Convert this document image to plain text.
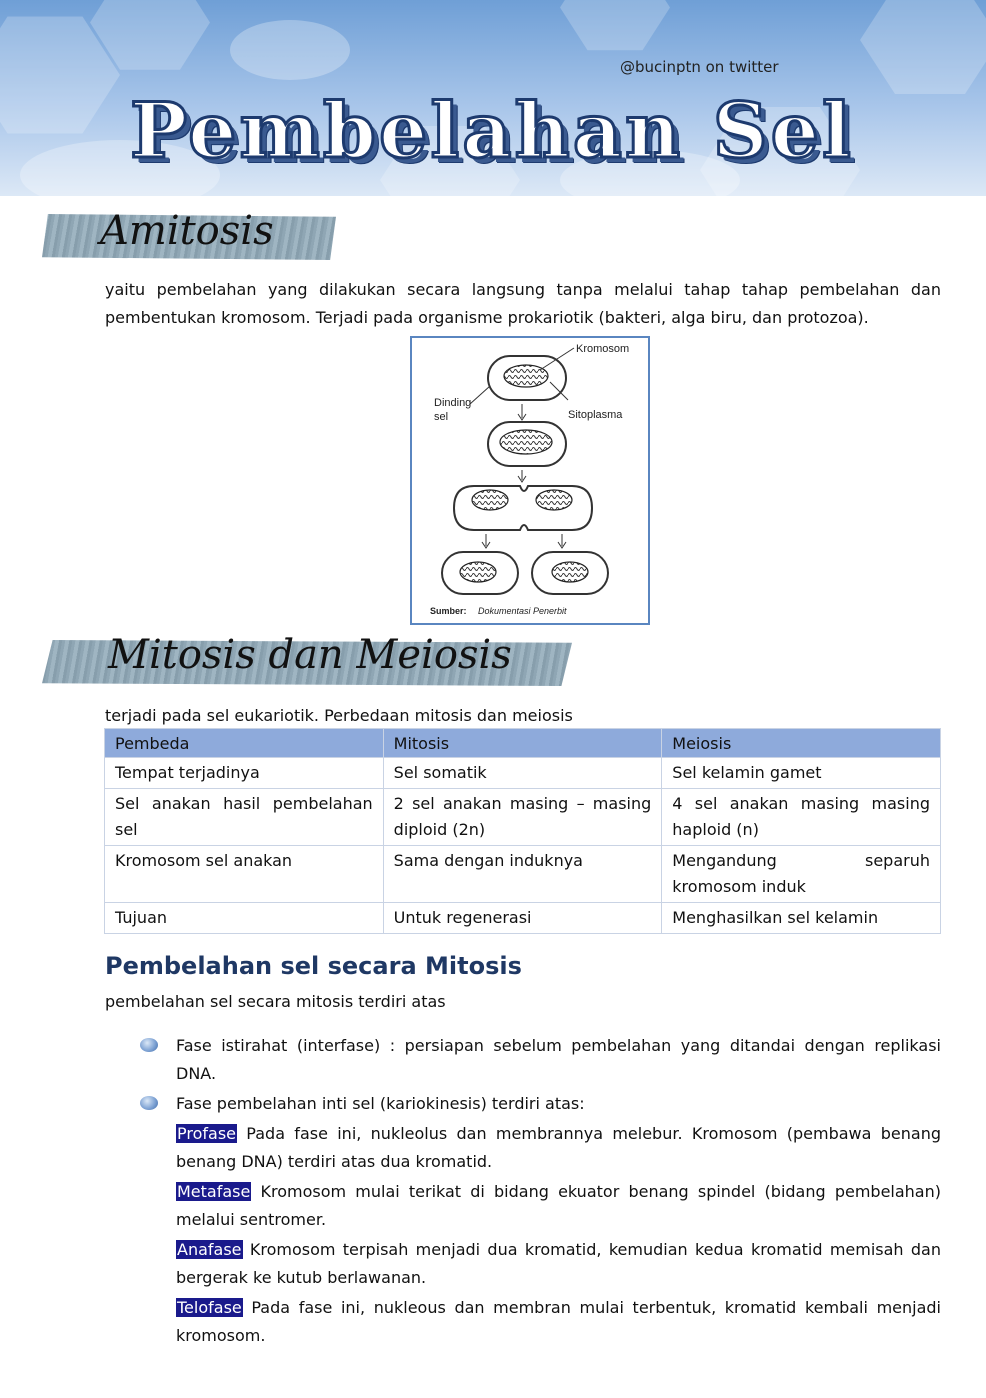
@bucinptn on twitter
Pembelahan Sel
Amitosis
yaitu pembelahan yang dilakukan secara langsung tanpa melalui tahap tahap pembelahan dan pembentukan kromosom. Terjadi pada organisme prokariotik (bakteri, alga biru, dan protozoa).
Kromosom
Dinding
sel	Sitoplasma
Sumber: Dokumentasi Penerbit
Mitosis dan Meiosis
terjadi pada sel eukariotik. Perbedaan mitosis dan meiosis
Pembeda	Mitosis	Meiosis
Tempat terjadinya	Sel somatik	Sel kelamin gamet
Sel anakan hasil pembelahan sel	2 sel anakan masing – masing diploid (2n)	4 sel anakan masing masing haploid (n)
Kromosom sel anakan	Sama dengan induknya	Mengandung separuh kromosom induk
Tujuan	Untuk regenerasi	Menghasilkan sel kelamin
Pembelahan sel secara Mitosis
pembelahan sel secara mitosis terdiri atas
Fase istirahat (interfase) : persiapan sebelum pembelahan yang ditandai dengan replikasi DNA.
Fase pembelahan inti sel (kariokinesis) terdiri atas:
Profase Pada fase ini, nukleolus dan membrannya melebur. Kromosom (pembawa benang benang DNA) terdiri atas dua kromatid.
Metafase Kromosom mulai terikat di bidang ekuator benang spindel (bidang pembelahan) melalui sentromer.
Anafase Kromosom terpisah menjadi dua kromatid, kemudian kedua kromatid memisah dan bergerak ke kutub berlawanan.
Telofase Pada fase ini, nukleous dan membran mulai terbentuk, kromatid kembali menjadi kromosom.
